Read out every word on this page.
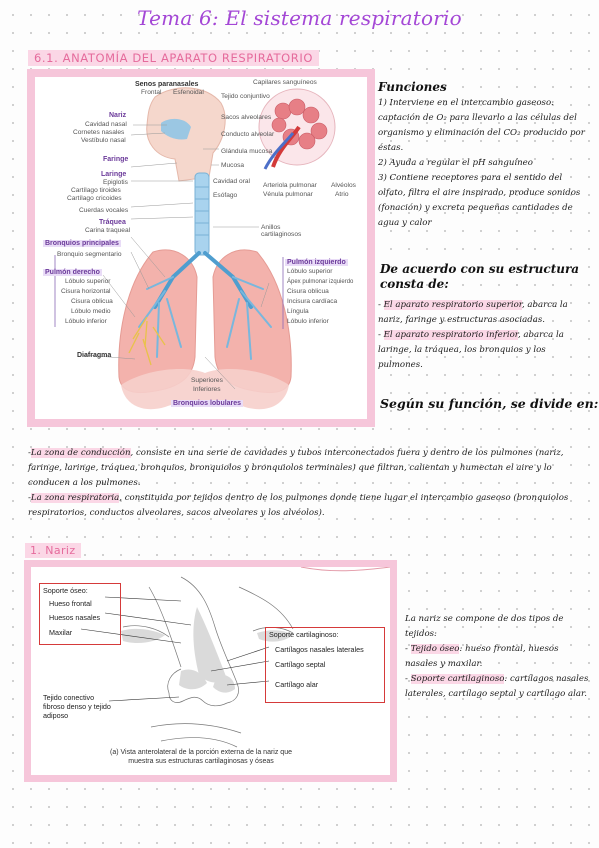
Tema 6: El sistema respiratorio
6.1. ANATOMÍA DEL APARATO RESPIRATORIO
Senos paranasales
Frontal Esfenoidal
Nariz
Cavidad nasal
Cornetes nasales
Vestíbulo nasal
Faringe
Laringe
Epiglotis
Cartílago tiroides
Cartílago cricoides
Cuerdas vocales
Tráquea
Carina traqueal
Bronquios principales
Bronquio segmentario
Pulmón derecho
Lóbulo superior
Cisura horizontal
Cisura oblicua
Lóbulo medio
Lóbulo inferior
Diafragma
Capilares sanguíneos
Tejido conjuntivo
Sacos alveolares
Conducto alveolar
Glándula mucosa
Mucosa
Cavidad oral
Esófago
Arteriola pulmonar
Vénula pulmonar
Alvéolos
Atrio
Anillos cartilaginosos
Pulmón izquierdo
Lóbulo superior
Ápex pulmonar izquierdo
Cisura oblicua
Incisura cardíaca
Língula
Lóbulo inferior
Superiores
Inferiores
Bronquios lobulares
Funciones
1) Interviene en el intercambio gaseoso: captación de O₂ para llevarlo a las células del organismo y eliminación del CO₂ producido por éstas.
2) Ayuda a regular el pH sanguíneo
3) Contiene receptores para el sentido del olfato, filtra el aire inspirado, produce sonidos (fonación) y excreta pequeñas cantidades de agua y calor
De acuerdo con su estructura consta de:
- El aparato respiratorio superior, abarca la nariz, faringe y estructuras asociadas.
- El aparato respiratorio inferior, abarca la laringe, la tráquea, los bronquios y los pulmones.
Según su función, se divide en:
-La zona de conducción, consiste en una serie de cavidades y tubos interconectados fuera y dentro de los pulmones (nariz, faringe, laringe, tráquea, bronquios, bronquiolos y bronquiolos terminales) que filtran, calientan y humectan el aire y lo conducen a los pulmones.
-La zona respiratoria, constituida por tejidos dentro de los pulmones donde tiene lugar el intercambio gaseoso (bronquiolos respiratorios, conductos alveolares, sacos alveolares y los alvéolos).
1. Nariz
Soporte óseo:
Hueso frontal
Huesos nasales
Maxilar	Soporte cartilaginoso:
Cartílagos nasales laterales
Cartílago septal
Cartílago alar
Tejido conectivo fibroso denso y tejido adiposo
(a) Vista anterolateral de la porción externa de la nariz que muestra sus estructuras cartilaginosas y óseas
La nariz se compone de dos tipos de tejidos:
- Tejido óseo: hueso frontal, huesos nasales y maxilar.
- Soporte cartilaginoso: cartílagos nasales laterales, cartílago septal y cartílago alar.
